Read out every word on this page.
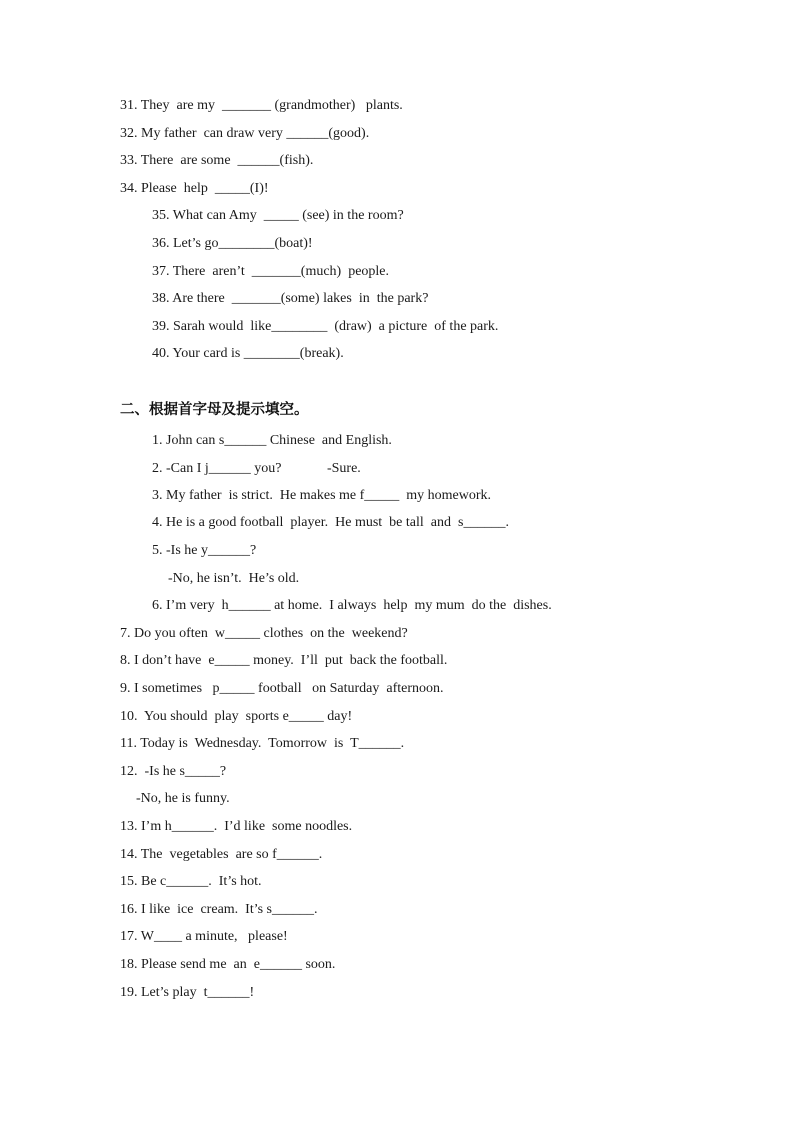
31. They  are my  _______ (grandmother)   plants.
32. My father  can draw very ______(good).
33. There  are some  ______(fish).
34. Please  help  _____(I)!
35. What can Amy  _____ (see) in the room?
36. Let’s go________(boat)!
37. There  aren’t  _______(much)  people.
38. Are there  _______(some) lakes  in  the park?
39. Sarah would  like________  (draw)  a picture  of the park.
40. Your card is ________(break).
二、根据首字母及提示填空。
1. John can s______ Chinese  and English.
2. -Can I j______ you?             -Sure.
3. My father  is strict.  He makes me f_____  my homework.
4. He is a good football  player.  He must  be tall  and  s______.
5. -Is he y______?
-No, he isn’t.  He’s old.
6. I’m very  h______ at home.  I always  help  my mum  do the  dishes.
7. Do you often  w_____ clothes  on the  weekend?
8. I don’t have  e_____ money.  I’ll  put  back the football.
9. I sometimes   p_____ football   on Saturday  afternoon.
10.  You should  play  sports e_____ day!
11. Today is  Wednesday.  Tomorrow  is  T______.
12.  -Is he s_____?
-No, he is funny.
13. I’m h______.  I’d like  some noodles.
14. The  vegetables  are so f______.
15. Be c______.  It’s hot.
16. I like  ice  cream.  It’s s______.
17. W____ a minute,   please!
18. Please send me  an  e______ soon.
19. Let’s play  t______!
